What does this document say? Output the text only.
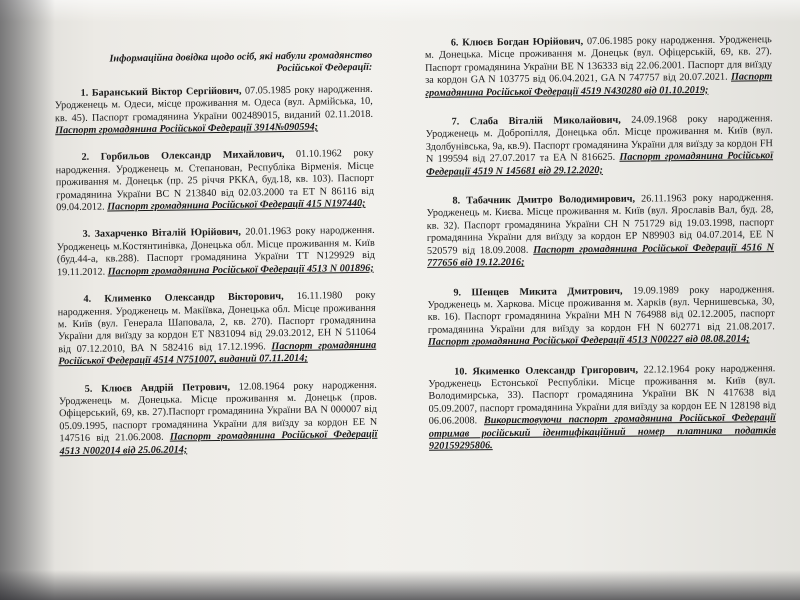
Інформаційна довідка щодо осіб, які набули громадянство Російської Федерації:

1. Баранський Віктор Сергійович, 07.05.1985 року народження. Уродженець м. Одеси, місце проживання м. Одеса (вул. Армійська, 10, кв. 45). Паспорт громадянина України 002489015, виданий 02.11.2018. Паспорт громадянина Російської Федерації 3914№090594;

2. Горбильов Олександр Михайлович, 01.10.1962 року народження. Уродженець м. Степанован, Республіка Вірменія. Місце проживання м. Донецьк (пр. 25 річчя РККА, буд.18, кв. 103). Паспорт громадянина України ВС N 213840 від 02.03.2000 та ЕТ N 86116 від 09.04.2012. Паспорт громадянина Російської Федерації 415 N197440;

3. Захарченко Віталій Юрійович, 20.01.1963 року народження. Уродженець м.Костянтинівка, Донецька обл. Місце проживання м. Київ (буд.44-а, кв.288). Паспорт громадянина України ТТ N129929 від 19.11.2012. Паспорт громадянина Російської Федерації 4513 N 001896;

4. Клименко Олександр Вікторович, 16.11.1980 року народження. Уродженець м. Макіївка, Донецька обл. Місце проживання м. Київ (вул. Генерала Шаповала, 2, кв. 270). Паспорт громадянина України для виїзду за кордон ЕТ N831094 від 29.03.2012, ЕН N 511064 від 07.12.2010, ВА N 582416 від 17.12.1996. Паспорт громадянина Російської Федерації 4514 N751007, виданий 07.11.2014;

5. Клюєв Андрій Петрович, 12.08.1964 року народження. Уродженець м. Донецька. Місце проживання м. Донецьк (пров. Офіцерський, 69, кв. 27).Паспорт громадянина України ВА N 000007 від 05.09.1995, паспорт громадянина України для виїзду за кордон ЕЕ N 147516 від 21.06.2008. Паспорт громадянина Російської Федерації 4513 N002014 від 25.06.2014;

6. Клюєв Богдан Юрійович, 07.06.1985 року народження. Уродженець м. Донецька. Місце проживання м. Донецьк (вул. Офіцерській, 69, кв. 27). Паспорт громадянина України ВЕ N 136333 від 22.06.2001. Паспорт для виїзду за кордон GA N 103775 від 06.04.2021, GA N 747757 від 20.07.2021. Паспорт громадянина Російської Федерації 4519 N430280 від 01.10.2019;

7. Слаба Віталій Миколайович, 24.09.1968 року народження. Уродженець м. Добропілля, Донецька обл. Місце проживання м. Київ (вул. Здолбунівська, 9а, кв.9). Паспорт громадянина України для виїзду за кордон FH N 199594 від 27.07.2017 та EA N 816625. Паспорт громадянина Російської Федерації 4519 N 145681 від 29.12.2020;

8. Табачник Дмитро Володимирович, 26.11.1963 року народження. Уродженець м. Києва. Місце проживання м. Київ (вул. Ярославів Вал, буд. 28, кв. 32). Паспорт громадянина України СН N 751729 від 19.03.1998, паспорт громадянина України для виїзду за кордон ЕР N89903 від 04.07.2014, ЕЕ N 520579 від 18.09.2008. Паспорт громадянина Російської Федерації 4516 N 777656 від 19.12.2016;

9. Шенцев Микита Дмитрович, 19.09.1989 року народження. Уродженець м. Харкова. Місце проживання м. Харків (вул. Чернишевська, 30, кв. 16). Паспорт громадянина України МН N 764988 від 02.12.2005, паспорт громадянина України для виїзду за кордон FH N 602771 від 21.08.2017. Паспорт громадянина Російської Федерації 4513 N00227 від 08.08.2014;

10. Якименко Олександр Григорович, 22.12.1964 року народження. Уродженець Естонської Республіки. Місце проживання м. Київ (вул. Володимирська, 33). Паспорт громадянина України ВК N 417638 від 05.09.2007, паспорт громадянина України для виїзду за кордон ЕЕ N 128198 від 06.06.2008. Використовуючи паспорт громадянина Російської Федерації отримав російський ідентифікаційний номер платника податків 920159295806.
